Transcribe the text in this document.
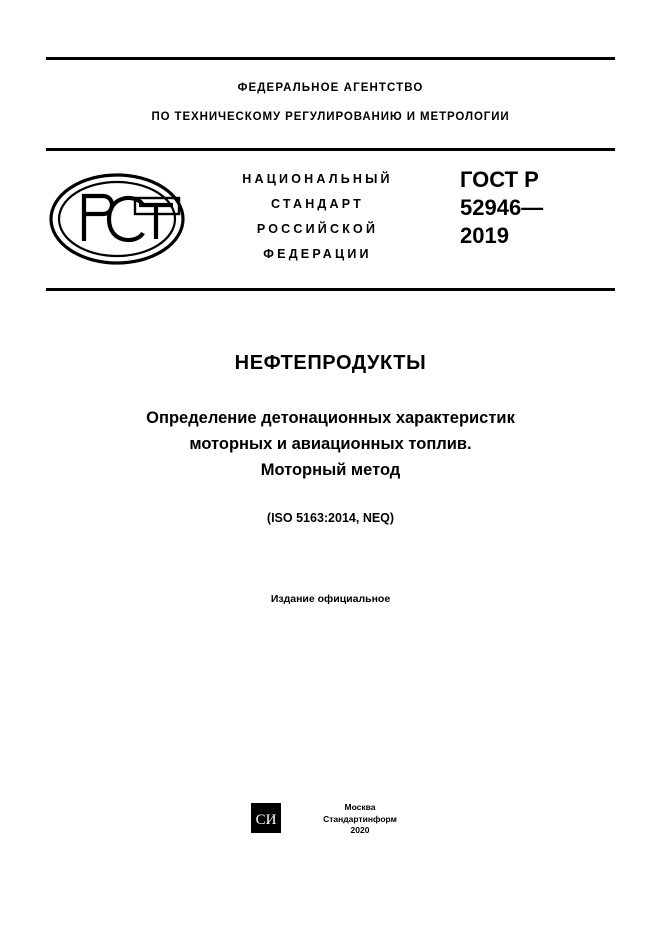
ФЕДЕРАЛЬНОЕ АГЕНТСТВО
ПО ТЕХНИЧЕСКОМУ РЕГУЛИРОВАНИЮ И МЕТРОЛОГИИ
НАЦИОНАЛЬНЫЙ
СТАНДАРТ
РОССИЙСКОЙ
ФЕДЕРАЦИИ
ГОСТ Р
52946—
2019
НЕФТЕПРОДУКТЫ
Определение детонационных характеристик
моторных и авиационных топлив.
Моторный метод
(ISO 5163:2014, NEQ)
Издание официальное
СИ
Москва
Стандартинформ
2020
